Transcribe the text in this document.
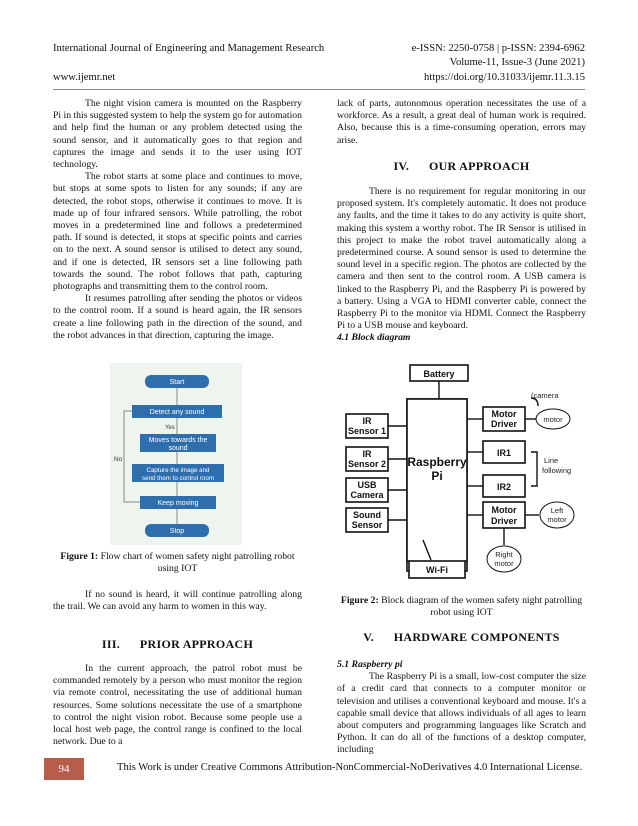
International Journal of Engineering and Management Research	e-ISSN: 2250-0758 | p-ISSN: 2394-6962
Volume-11, Issue-3 (June 2021)
www.ijemr.net	https://doi.org/10.31033/ijemr.11.3.15

The night vision camera is mounted on the Raspberry Pi in this suggested system to help the system go for automation and help find the human or any problem detected using the sound sensor, and it automatically goes to that region and captures the image and sends it to the user using IOT technology.

The robot starts at some place and continues to move, but stops at some spots to listen for any sounds; if any are detected, the robot stops, otherwise it continues to move. It is made up of four infrared sensors. While patrolling, the robot moves in a predetermined line and follows a predetermined path. If sound is detected, it stops at specific points and carries on to the next. A sound sensor is utilised to detect any sound, and if one is detected, IR sensors set a line following path towards the sound. The robot follows that path, capturing photographs and transmitting them to the control room.

It resumes patrolling after sending the photos or videos to the control room. If a sound is heard again, the IR sensors create a line following path in the direction of the sound, and the robot advances in that direction, capturing the image.

Start
Detect any sound
Moves towards the
sound
Capture the image and
send them to control room
Keep moving
Stop
Yes
No
Figure 1: Flow chart of women safety night patrolling robot using IOT

If no sound is heard, it will continue patrolling along the trail. We can avoid any harm to women in this way.

III.      PRIOR APPROACH

In the current approach, the patrol robot must be commanded remotely by a person who must monitor the region via remote control, necessitating the use of additional human resources. Some solutions necessitate the use of a smartphone to control the night vision robot. Because some people use a local host web page, the control range is confined to the local network. Due to a

lack of parts, autonomous operation necessitates the use of a workforce. As a result, a great deal of human work is required. Also, because this is a time-consuming operation, errors may arise.

IV.      OUR APPROACH

There is no requirement for regular monitoring in our proposed system. It's completely automatic. It does not produce any faults, and the time it takes to do any activity is quite short, making this system a worthy robot. The IR Sensor is utilised in this project to make the robot travel automatically along a predetermined course. A sound sensor is used to determine the sound level in a specific region. The photos are collected by the camera and then sent to the control room. A USB camera is linked to the Raspberry Pi, and the Raspberry Pi is powered by a battery. Using a VGA to HDMI converter cable, connect the Raspberry Pi to the monitor via HDMI. Connect the Raspberry Pi to a USB mouse and keyboard.

4.1 Block diagram
Battery
IR
Sensor 1
IR
Sensor 2
USB
Camera
Sound
Sensor
Wi-Fi
Motor
Driver
IR1
IR2
Motor
Driver
Raspberry
Pi
(camera
motor
Line
following
Left
motor
Right
motor
Figure 2: Block diagram of the women safety night patrolling robot using IOT
V.      HARDWARE COMPONENTS
5.1 Raspberry pi

The Raspberry Pi is a small, low-cost computer the size of a credit card that connects to a computer monitor or television and utilises a conventional keyboard and mouse. It's a capable small device that allows individuals of all ages to learn about computers and programming languages like Scratch and Python. It can do all of the functions of a desktop computer, including

94	This Work is under Creative Commons Attribution-NonCommercial-NoDerivatives 4.0 International License.
